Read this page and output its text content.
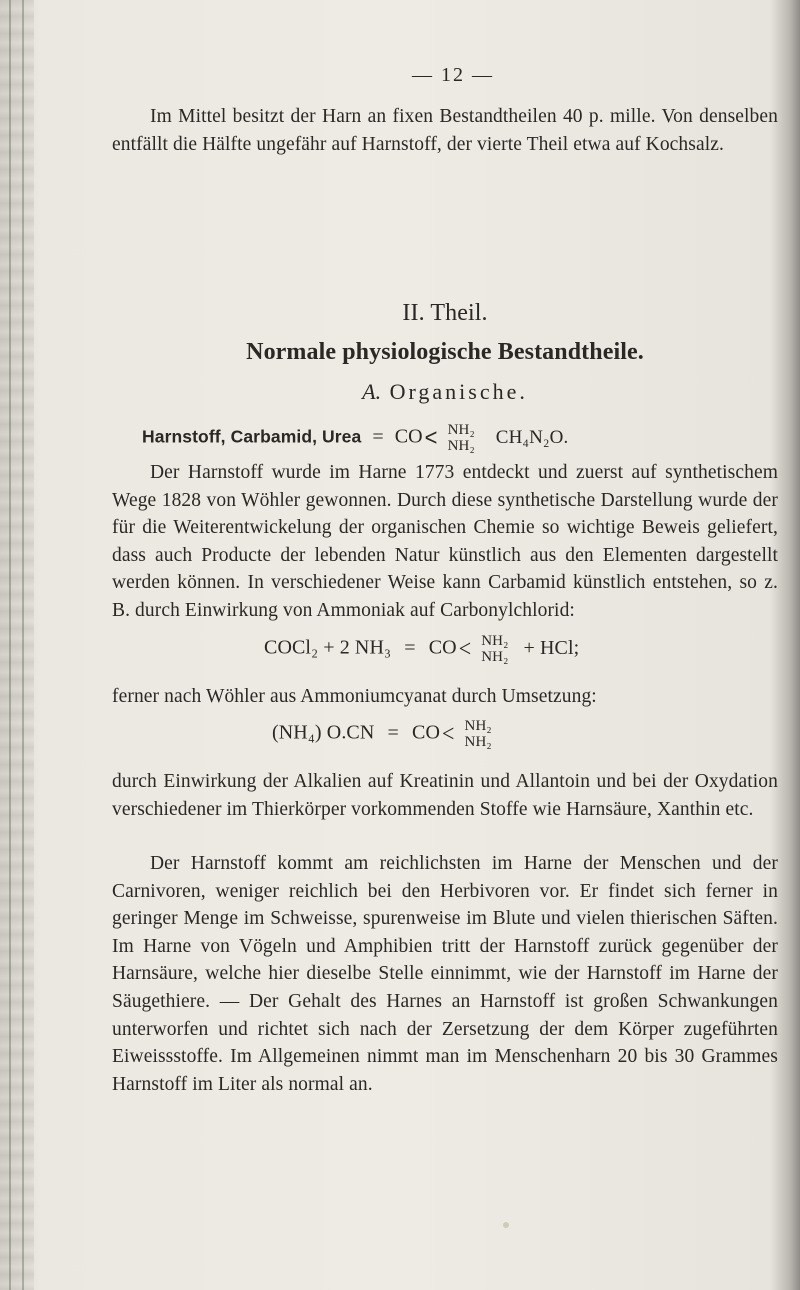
— 12 —

Im Mittel besitzt der Harn an fixen Bestandtheilen 40 p. mille. Von denselben entfällt die Hälfte ungefähr auf Harnstoff, der vierte Theil etwa auf Kochsalz.

II. Theil.
Normale physiologische Bestandtheile.
A. Organische.
Harnstoff, Carbamid, Urea = CO< NH₂
NH₂ CH₄N₂O.

Der Harnstoff wurde im Harne 1773 entdeckt und zuerst auf synthetischem Wege 1828 von Wöhler gewonnen. Durch diese synthetische Darstellung wurde der für die Weiterentwickelung der organischen Chemie so wichtige Beweis geliefert, dass auch Producte der lebenden Natur künstlich aus den Elementen dargestellt werden können. In verschiedener Weise kann Carbamid künstlich entstehen, so z. B. durch Einwirkung von Ammoniak auf Carbonylchlorid:

COCl₂ + 2 NH₃ = CO< NH₂
NH₂ + HCl;

ferner nach Wöhler aus Ammoniumcyanat durch Umsetzung:

(NH₄) O.CN = CO< NH₂
NH₂

durch Einwirkung der Alkalien auf Kreatinin und Allantoin und bei der Oxydation verschiedener im Thierkörper vorkommenden Stoffe wie Harnsäure, Xanthin etc.

Der Harnstoff kommt am reichlichsten im Harne der Menschen und der Carnivoren, weniger reichlich bei den Herbivoren vor. Er findet sich ferner in geringer Menge im Schweisse, spurenweise im Blute und vielen thierischen Säften. Im Harne von Vögeln und Amphibien tritt der Harnstoff zurück gegenüber der Harnsäure, welche hier dieselbe Stelle einnimmt, wie der Harnstoff im Harne der Säugethiere. — Der Gehalt des Harnes an Harnstoff ist großen Schwankungen unterworfen und richtet sich nach der Zersetzung der dem Körper zugeführten Eiweissstoffe. Im Allgemeinen nimmt man im Menschenharn 20 bis 30 Grammes Harnstoff im Liter als normal an.
